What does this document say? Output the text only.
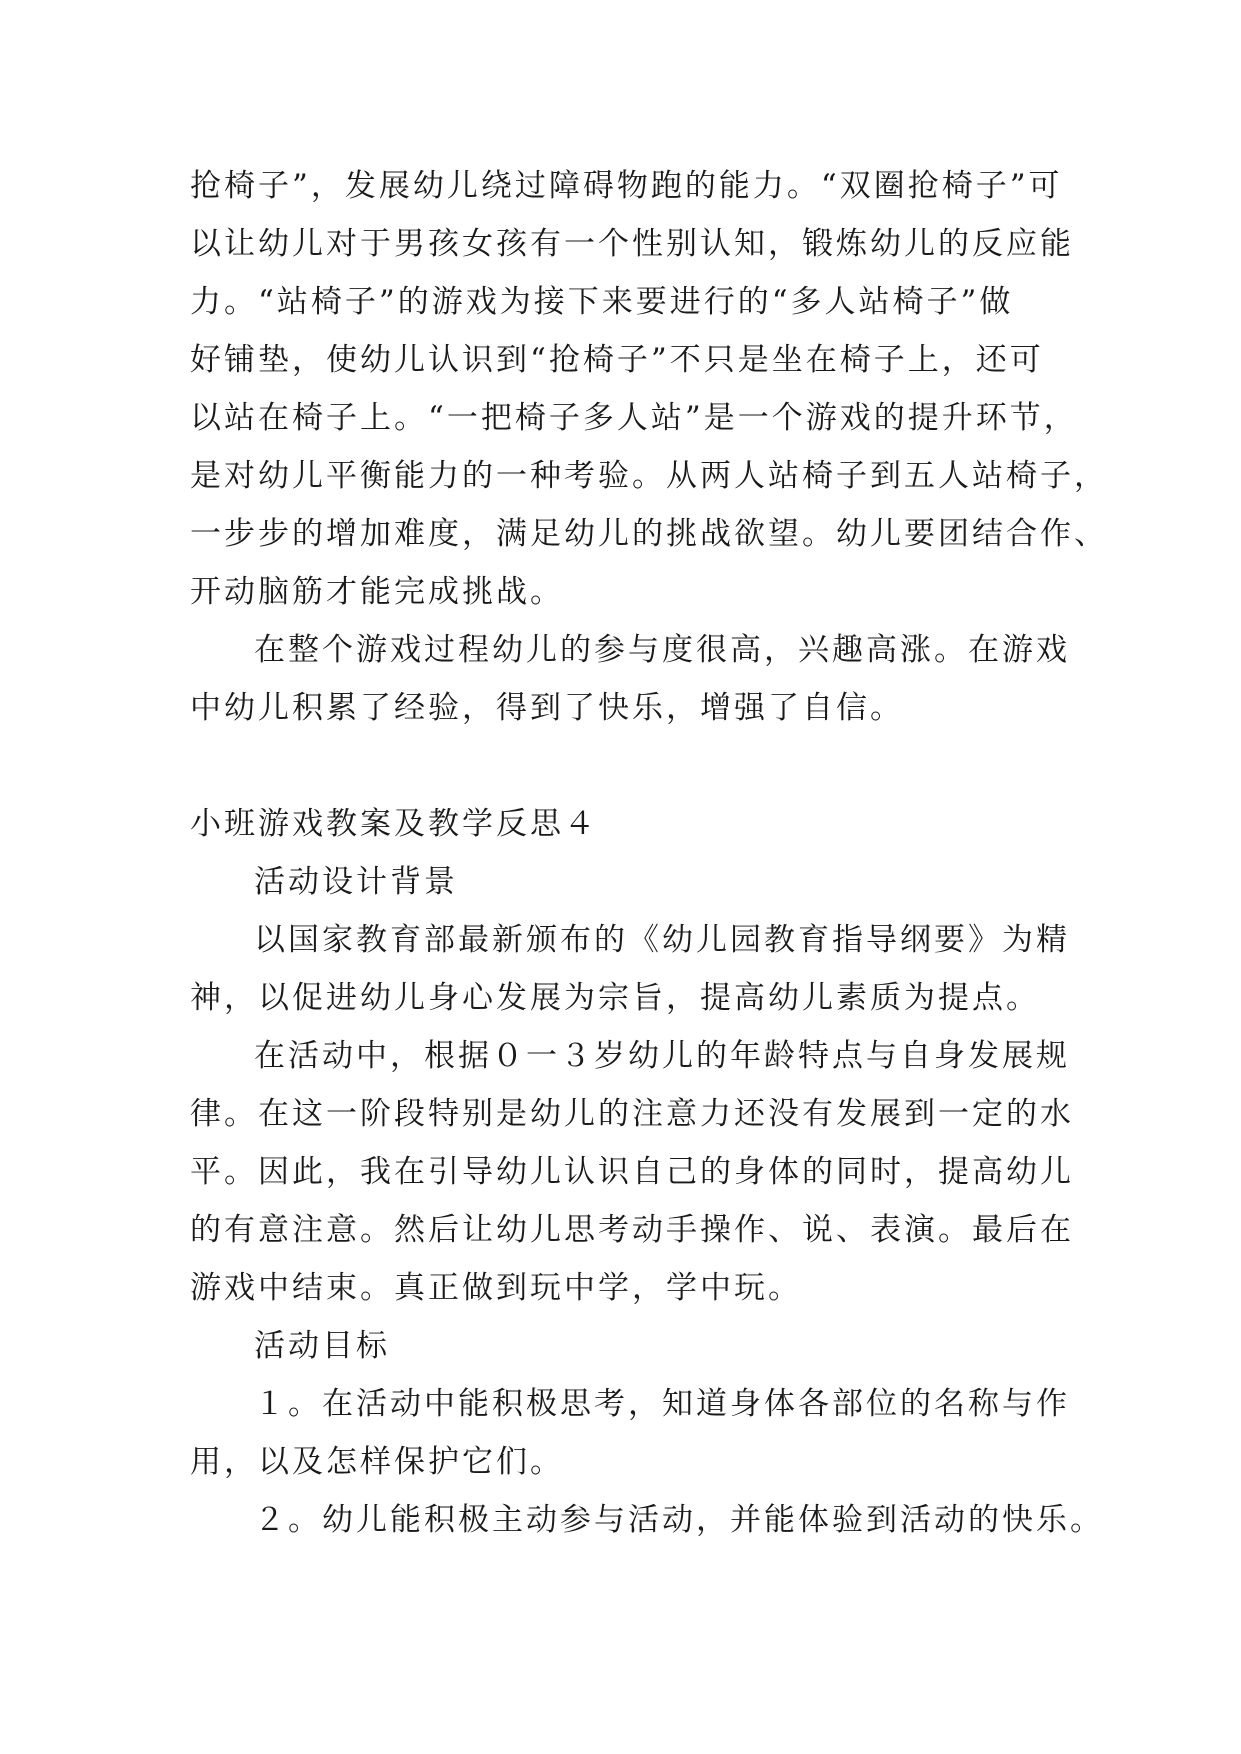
抢椅子”，发展幼儿绕过障碍物跑的能力。“双圈抢椅子”可
以让幼儿对于男孩女孩有一个性别认知，锻炼幼儿的反应能
力。“站椅子”的游戏为接下来要进行的“多人站椅子”做
好铺垫，使幼儿认识到“抢椅子”不只是坐在椅子上，还可
以站在椅子上。“一把椅子多人站”是一个游戏的提升环节，
是对幼儿平衡能力的一种考验。从两人站椅子到五人站椅子，
一步步的增加难度，满足幼儿的挑战欲望。幼儿要团结合作、
开动脑筋才能完成挑战。
在整个游戏过程幼儿的参与度很高，兴趣高涨。在游戏
中幼儿积累了经验，得到了快乐，增强了自信。
小班游戏教案及教学反思４
活动设计背景
以国家教育部最新颁布的《幼儿园教育指导纲要》为精
神，以促进幼儿身心发展为宗旨，提高幼儿素质为提点。
在活动中，根据０一３岁幼儿的年龄特点与自身发展规
律。在这一阶段特别是幼儿的注意力还没有发展到一定的水
平。因此，我在引导幼儿认识自己的身体的同时，提高幼儿
的有意注意。然后让幼儿思考动手操作、说、表演。最后在
游戏中结束。真正做到玩中学，学中玩。
活动目标
１。在活动中能积极思考，知道身体各部位的名称与作
用，以及怎样保护它们。
２。幼儿能积极主动参与活动，并能体验到活动的快乐。
